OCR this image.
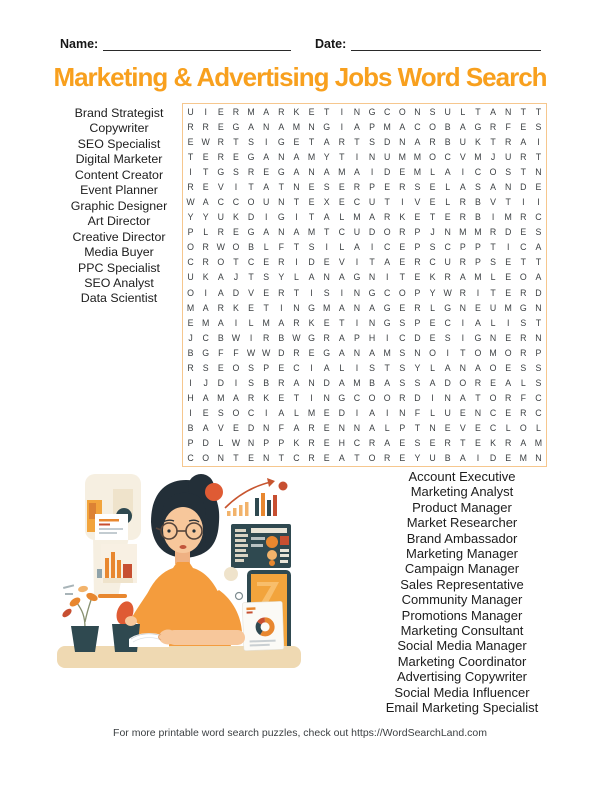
Name:	Date:
Marketing & Advertising Jobs Word Search
Brand Strategist
Copywriter
SEO Specialist
Digital Marketer
Content Creator
Event Planner
Graphic Designer
Art Director
Creative Director
Media Buyer
PPC Specialist
SEO Analyst
Data Scientist
U	I	E	R M A	R	K	E	T	I	N G C O N	S	U	L	T	A	N	T	T
R R	E G A	N	A M N G	I	A	P M A	C O B	A G R	F	E	S
E W R	T	S	I	G E	T	A	R	T	S	D N	A	R	B	U	K	T	R	A	I
T	E	R	E G A	N	A M Y	T	I	N U M M O C	V M	J	U R	T
I	T	G S	R	E G A	N	A M A	I	D	E M	L	A	I	C O S	T	N
R	E	V	I	T	A	T	N	E	S	E	R	P	E	R	S	E	L	A	S	A	N D	E
W A	C C O U N	T	E	X	E	C U	T	I	V	E	L	R	B	V	T	I	I
Y	Y	U	K	D	I	G	I	T	A	L	M A	R	K	E	T	E	R	B	I	M R C
P	L	R	E G A	N	A M T	C U D O R	P	J	N M M R D	E	S
O R W O B	L	F	T	S	I	L	A	I	C	E	P	S	C	P	P	T	I	C	A
C R O	T	C	E	R	I	D	E	V	I	T	A	E	R C U R	P	S	E	T	T
U	K	A	J	T	S	Y	L	A	N	A G N	I	T	E	K	R	A M	L	E O A
O	I	A	D	V	E	R	T	I	S	I	N G C O P	Y W R	I	T	E	R D
M A	R	K	E	T	I	N G M A	N	A G E	R	L	G N	E	U M G N
E M A	I	L	M A	R	K	E	T	I	N G S	P	E	C	I	A	L	I	S	T
J	C	B W	I	R	B W G R	A	P	H	I	C D	E	S	I	G N	E	R N
B G	F	F W W D R	E G A	N	A M S	N O	I	T	O M O R	P
R	S	E O S	P	E	C	I	A	L	I	S	T	S	Y	L	A	N	A O E	S	S
I	J	D	I	S	B	R	A	N D	A M B	A	S	S	A	D O R	E	A	L	S
H	A M A	R	K	E	T	I	N G C O O R D	I	N	A	T	O R	F	C
I	E	S O C	I	A	L	M E	D	I	A	I	N	F	L	U	E	N C	E	R C
B	A	V	E	D N	F	A	R	E	N N	A	L	P	T	N	E	V	E	C	L	O	L
P	D	L W N	P	P	K	R	E	H C R	A	E	S	E	R	T	E	K	R	A M
C O N	T	E	N	T	C R	E	A	T	O R	E	Y	U	B	A	I	D	E M N
Account Executive
Marketing Analyst
Product Manager
Market Researcher
Brand Ambassador
Marketing Manager
Campaign Manager
Sales Representative
Community Manager
Promotions Manager
Marketing Consultant
Social Media Manager
Marketing Coordinator
Advertising Copywriter
Social Media Influencer
Email Marketing Specialist
For more printable word search puzzles, check out https://WordSearchLand.com
